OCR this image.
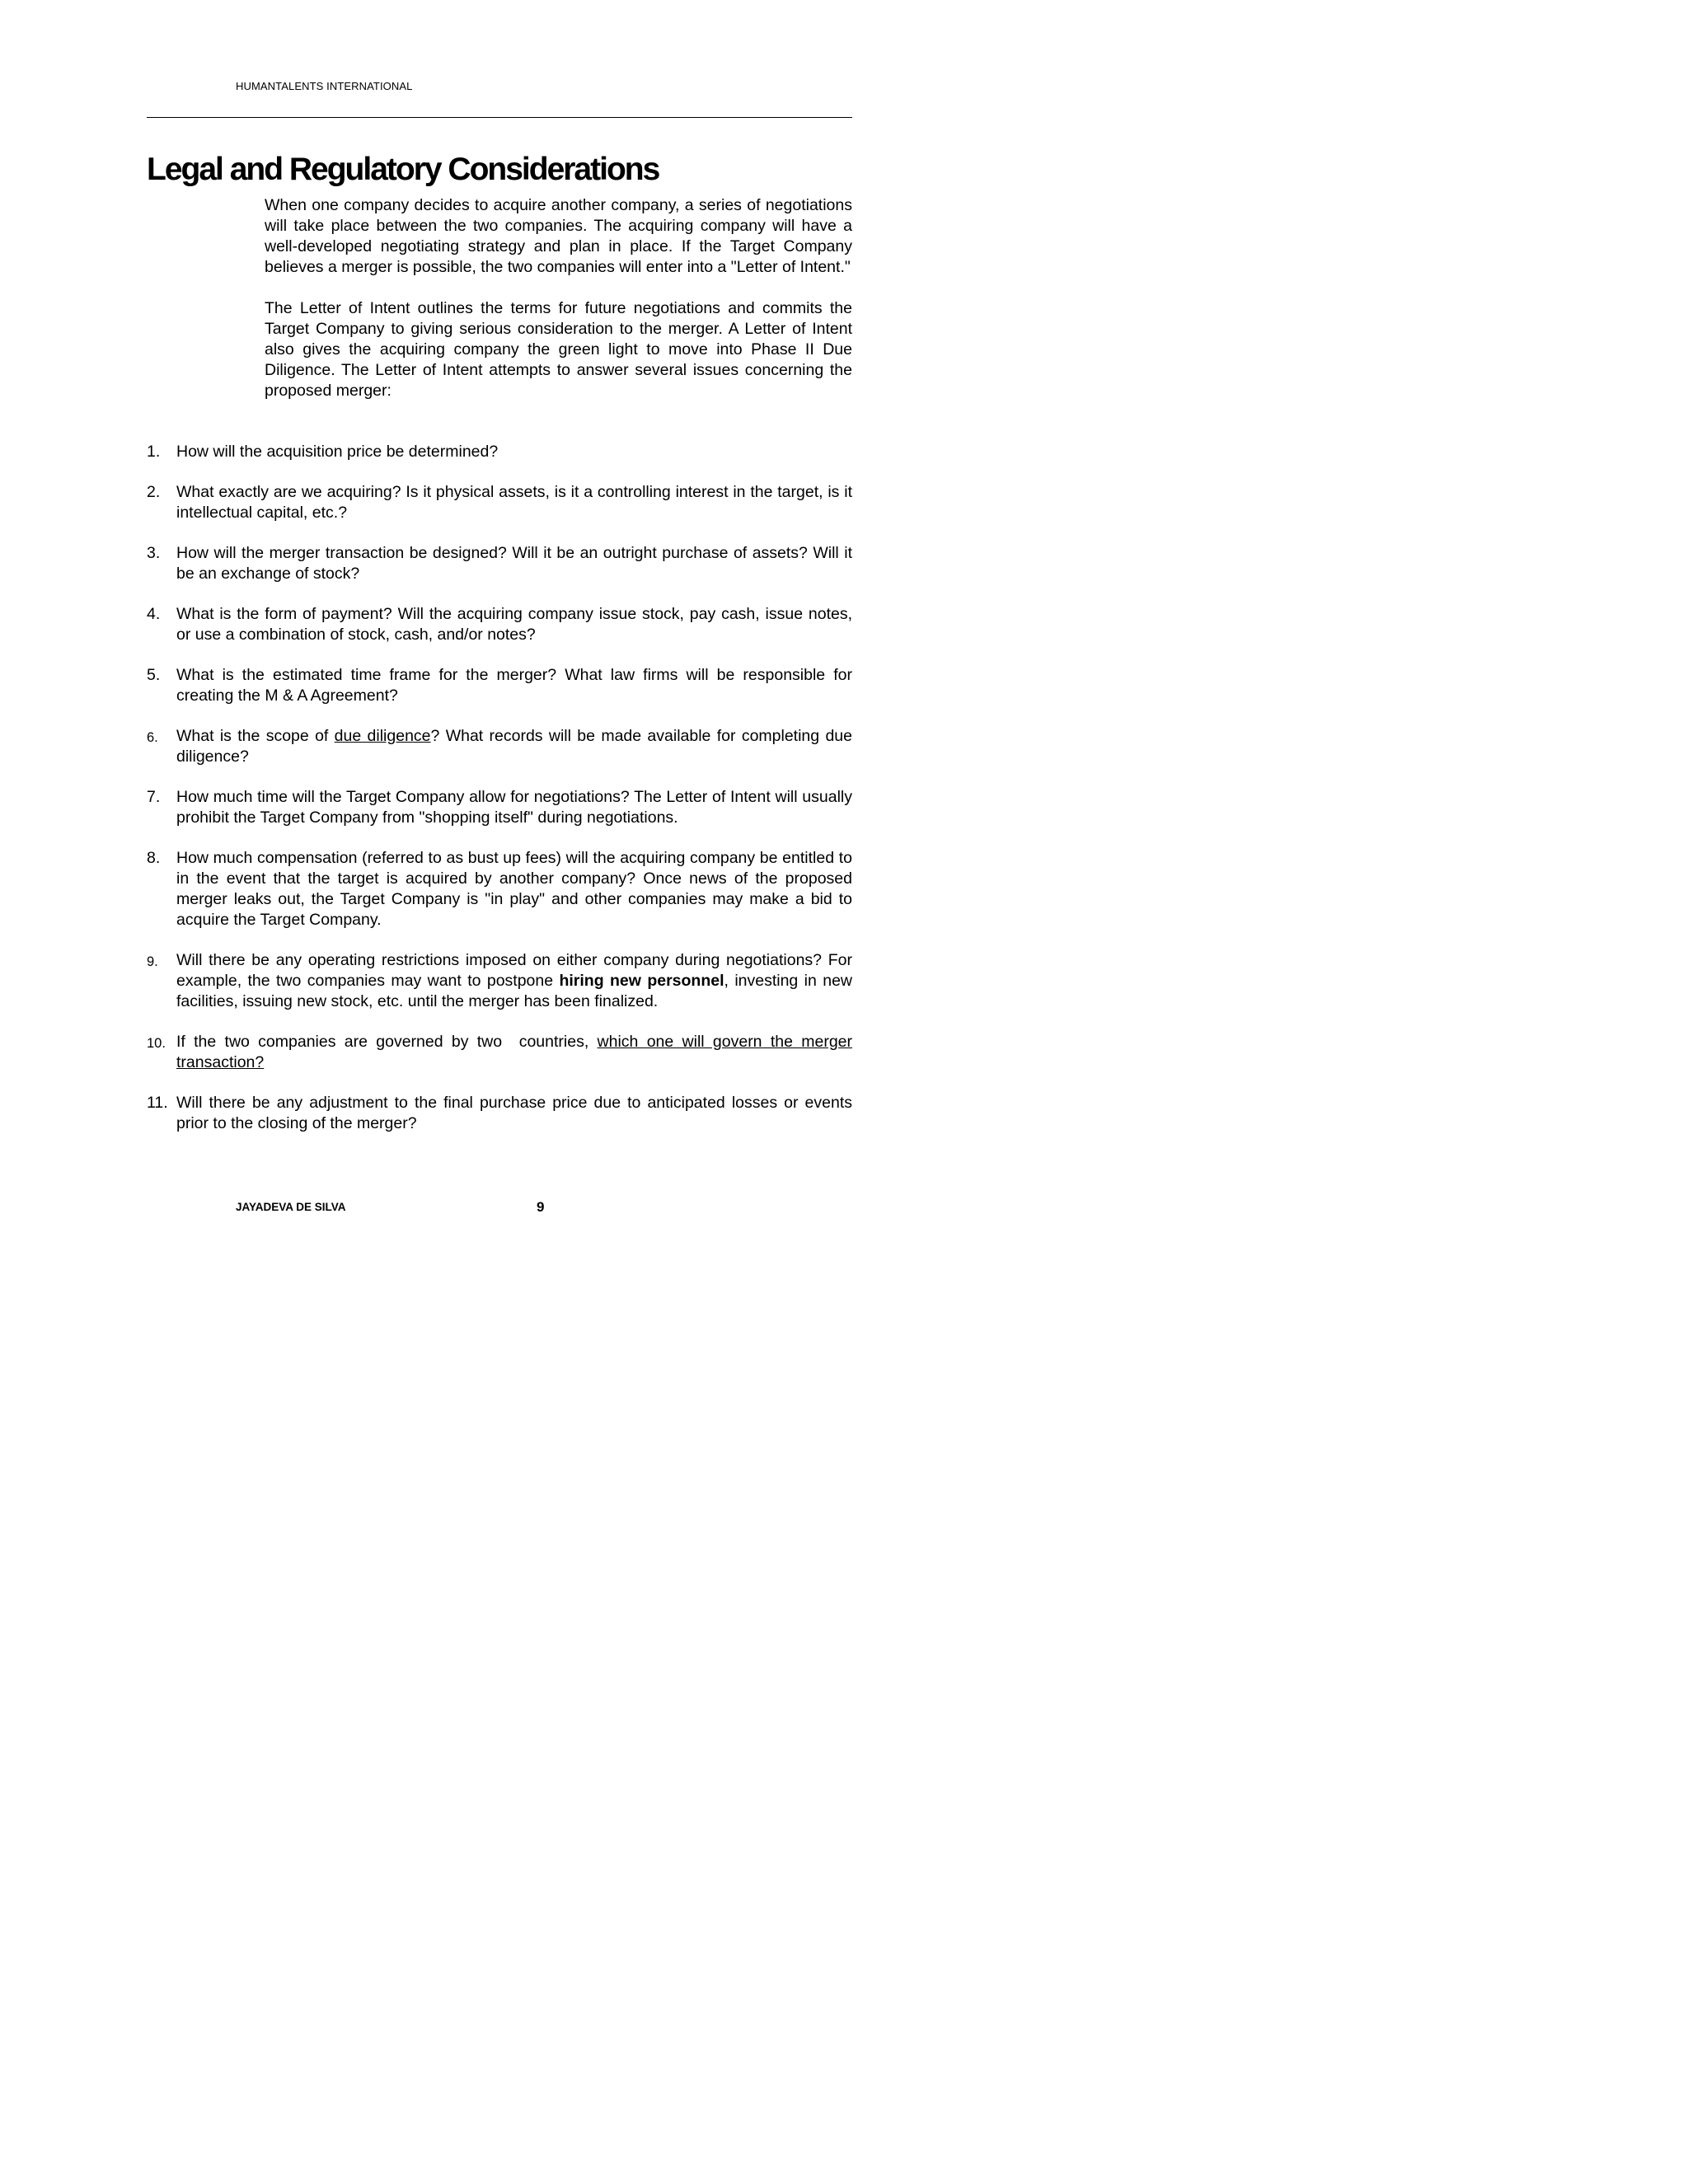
HUMANTALENTS INTERNATIONAL
Legal and Regulatory Considerations

When one company decides to acquire another company, a series of negotiations will take place between the two companies. The acquiring company will have a well-developed negotiating strategy and plan in place. If the Target Company believes a merger is possible, the two companies will enter into a "Letter of Intent."

The Letter of Intent outlines the terms for future negotiations and commits the Target Company to giving serious consideration to the merger. A Letter of Intent also gives the acquiring company the green light to move into Phase II Due Diligence. The Letter of Intent attempts to answer several issues concerning the proposed merger:

1. How will the acquisition price be determined?
2. What exactly are we acquiring? Is it physical assets, is it a controlling interest in the target, is it intellectual capital, etc.?
3. How will the merger transaction be designed? Will it be an outright purchase of assets? Will it be an exchange of stock?
4. What is the form of payment? Will the acquiring company issue stock, pay cash, issue notes, or use a combination of stock, cash, and/or notes?
5. What is the estimated time frame for the merger? What law firms will be responsible for creating the M & A Agreement?
6. What is the scope of due diligence? What records will be made available for completing due diligence?
7. How much time will the Target Company allow for negotiations? The Letter of Intent will usually prohibit the Target Company from "shopping itself" during negotiations.
8. How much compensation (referred to as bust up fees) will the acquiring company be entitled to in the event that the target is acquired by another company? Once news of the proposed merger leaks out, the Target Company is "in play" and other companies may make a bid to acquire the Target Company.
9. Will there be any operating restrictions imposed on either company during negotiations? For example, the two companies may want to postpone hiring new personnel, investing in new facilities, issuing new stock, etc. until the merger has been finalized.
10. If the two companies are governed by two  countries, which one will govern the merger transaction?
11. Will there be any adjustment to the final purchase price due to anticipated losses or events prior to the closing of the merger?
JAYADEVA DE SILVA	9
